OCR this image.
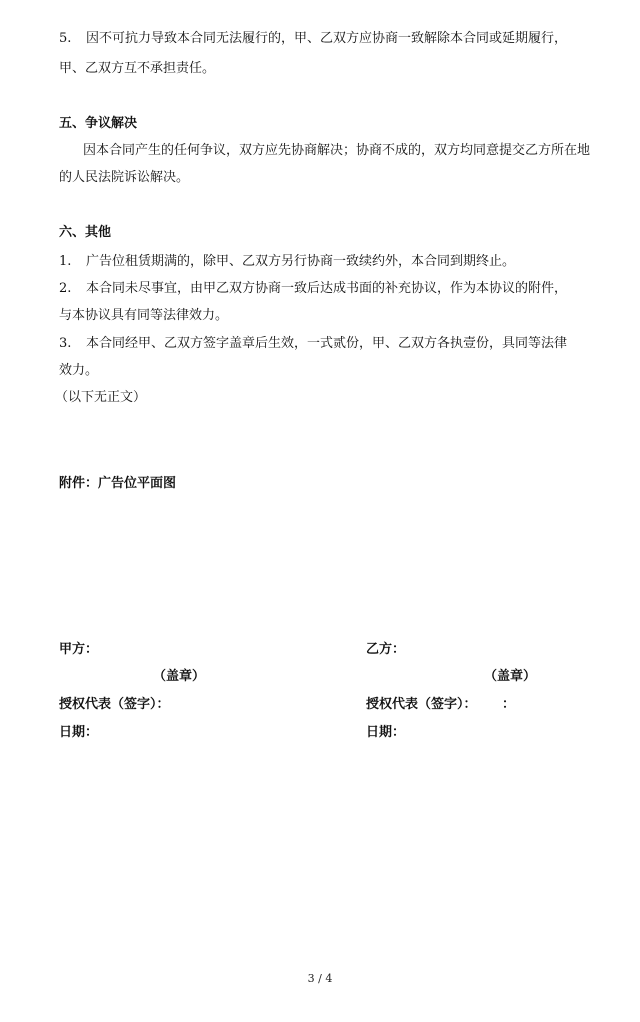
5. 因不可抗力导致本合同无法履行的，甲、乙双方应协商一致解除本合同或延期履行，
甲、乙双方互不承担责任。
五、争议解决
因本合同产生的任何争议，双方应先协商解决；协商不成的，双方均同意提交乙方所在地
的人民法院诉讼解决。
六、其他
1. 广告位租赁期满的，除甲、乙双方另行协商一致续约外，本合同到期终止。
2. 本合同未尽事宜，由甲乙双方协商一致后达成书面的补充协议，作为本协议的附件，
与本协议具有同等法律效力。
3. 本合同经甲、乙双方签字盖章后生效，一式贰份，甲、乙双方各执壹份，具同等法律
效力。
（以下无正文）
附件：广告位平面图
甲方：	乙方：
（盖章）	（盖章）
授权代表（签字）：	授权代表（签字）： ：
日期：	日期：
3 / 4
